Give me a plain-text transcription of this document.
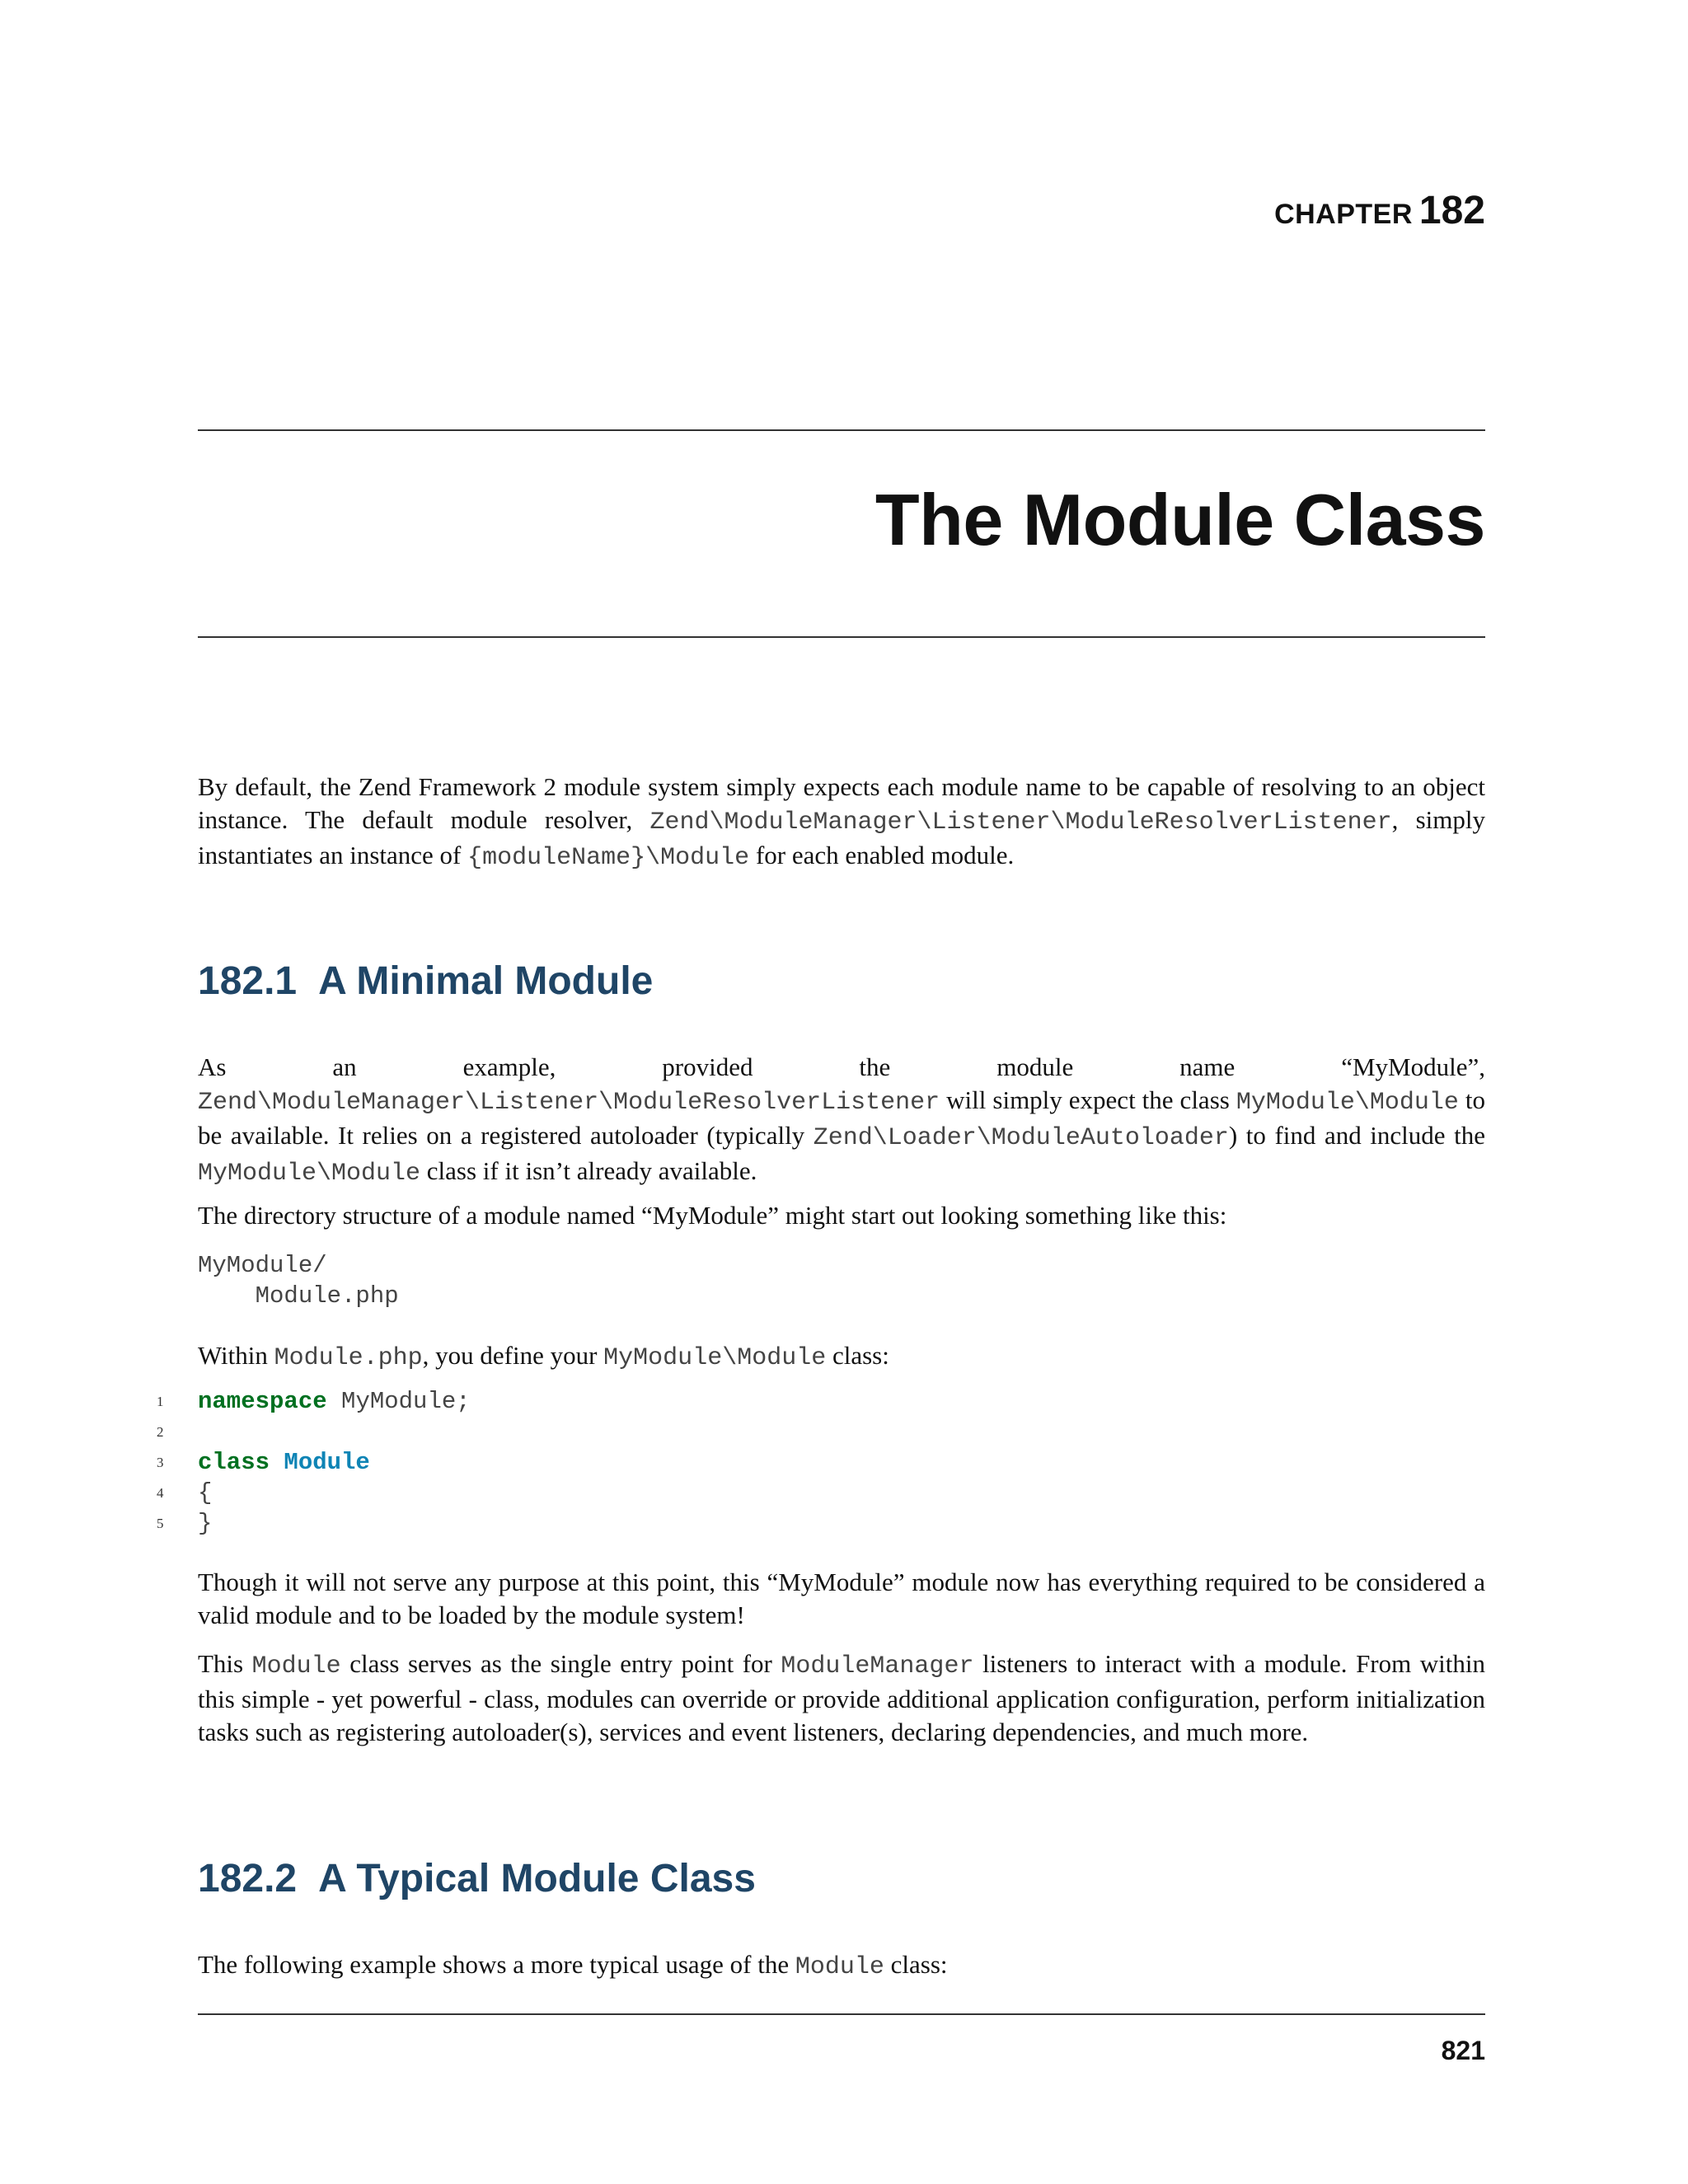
CHAPTER 182
The Module Class

By default, the Zend Framework 2 module system simply expects each module name to be capable of resolving to an object instance. The default module resolver, Zend\ModuleManager\Listener\ModuleResolverListener, simply instantiates an instance of {moduleName}\Module for each enabled module.

182.1 A Minimal Module

As an example, provided the module name “MyModule”, Zend\ModuleManager\Listener\ModuleResolverListener will simply expect the class MyModule\Module to be available. It relies on a registered autoloader (typically Zend\Loader\ModuleAutoloader) to find and include the MyModule\Module class if it isn’t already available.

The directory structure of a module named “MyModule” might start out looking something like this:

MyModule/
Module.php

Within Module.php, you define your MyModule\Module class:

1 namespace MyModule;
2
3 class Module
4 {
5 }

Though it will not serve any purpose at this point, this “MyModule” module now has everything required to be considered a valid module and to be loaded by the module system!

This Module class serves as the single entry point for ModuleManager listeners to interact with a module. From within this simple - yet powerful - class, modules can override or provide additional application configuration, perform initialization tasks such as registering autoloader(s), services and event listeners, declaring dependencies, and much more.

182.2 A Typical Module Class

The following example shows a more typical usage of the Module class:

821
